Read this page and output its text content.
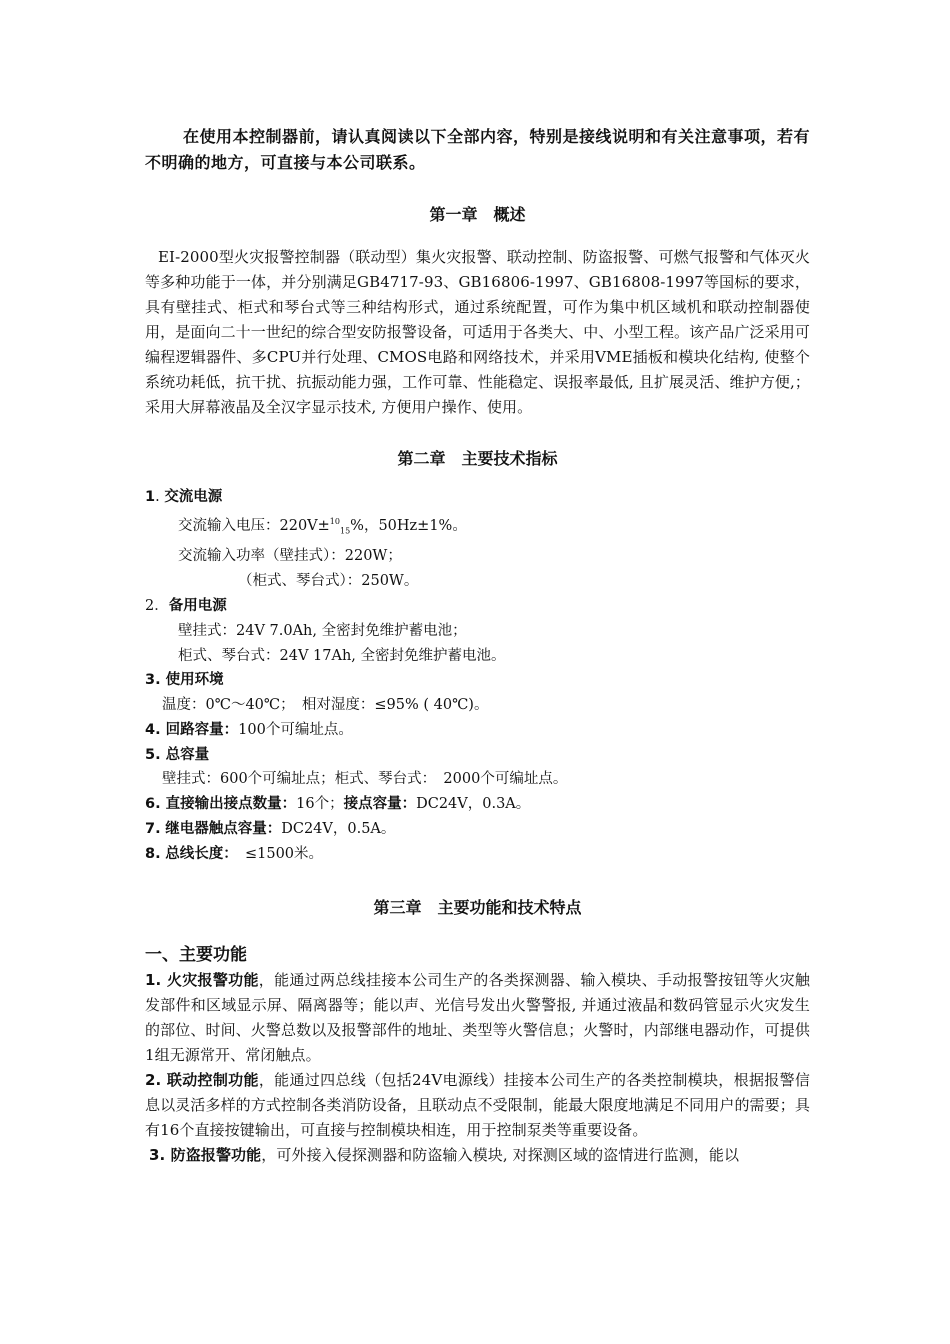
在使用本控制器前，请认真阅读以下全部内容，特别是接线说明和有关注意事项，若有不明确的地方，可直接与本公司联系。

第一章　概述

EI-2000型火灾报警控制器（联动型）集火灾报警、联动控制、防盗报警、可燃气报警和气体灭火等多种功能于一体，并分别满足GB4717-93、GB16806-1997、GB16808-1997等国标的要求，具有壁挂式、柜式和琴台式等三种结构形式，通过系统配置，可作为集中机区域机和联动控制器使用，是面向二十一世纪的综合型安防报警设备，可适用于各类大、中、小型工程。该产品广泛采用可编程逻辑器件、多CPU并行处理、CMOS电路和网络技术，并采用VME插板和模块化结构, 使整个系统功耗低，抗干扰、抗振动能力强，工作可靠、性能稳定、误报率最低, 且扩展灵活、维护方便,；采用大屏幕液晶及全汉字显示技术, 方便用户操作、使用。

第二章　主要技术指标

1. 交流电源

交流输入电压：220V±$^{10}_{15}$%，50Hz±1%。

交流输入功率（壁挂式）：220W；

（柜式、琴台式）：250W。

2．备用电源

壁挂式：24V 7.0Ah, 全密封免维护蓄电池；

柜式、琴台式：24V 17Ah, 全密封免维护蓄电池。

3. 使用环境

温度：0℃～40℃；　相对湿度：≤95% ( 40℃)。

4. 回路容量：100个可编址点。

5. 总容量

壁挂式：600个可编址点；柜式、琴台式：　2000个可编址点。

6. 直接输出接点数量：16个；接点容量：DC24V，0.3A。

7. 继电器触点容量：DC24V，0.5A。

8. 总线长度：　≤1500米。

第三章　主要功能和技术特点

一、主要功能

1. 火灾报警功能，能通过两总线挂接本公司生产的各类探测器、输入模块、手动报警按钮等火灾触发部件和区域显示屏、隔离器等；能以声、光信号发出火警警报, 并通过液晶和数码管显示火灾发生的部位、时间、火警总数以及报警部件的地址、类型等火警信息；火警时，内部继电器动作，可提供1组无源常开、常闭触点。

2. 联动控制功能，能通过四总线（包括24V电源线）挂接本公司生产的各类控制模块，根据报警信息以灵活多样的方式控制各类消防设备，且联动点不受限制，能最大限度地满足不同用户的需要；具有16个直接按键输出，可直接与控制模块相连，用于控制泵类等重要设备。

3. 防盗报警功能，可外接入侵探测器和防盗输入模块, 对探测区域的盗情进行监测，能以
